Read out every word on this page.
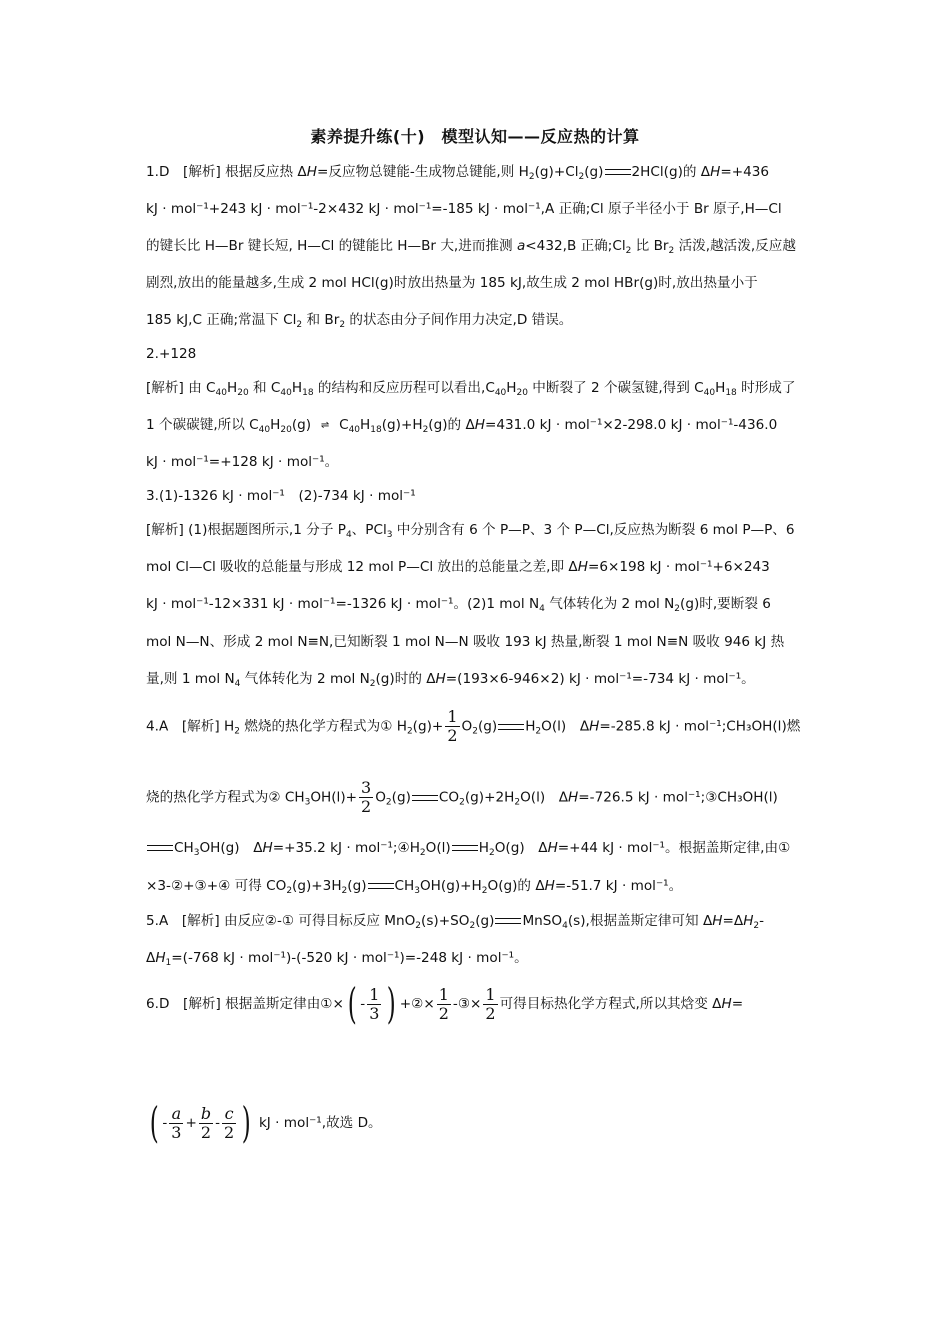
素养提升练(十)　模型认知——反应热的计算
1.D　[解析] 根据反应热 ΔH=反应物总键能-生成物总键能,则 $H_2(g)+Cl_2(g)$ 2HCl(g)的 ΔH=+436
kJ · mol⁻¹+243 kJ · mol⁻¹-2×432 kJ · mol⁻¹=-185 kJ · mol⁻¹,A 正确;Cl 原子半径小于 Br 原子,H—Cl
的键长比 H—Br 键长短, H—Cl 的键能比 H—Br 大,进而推测 a<432,B 正确$;Cl_2$ 比 $Br_2$ 活泼,越活泼,反应越
剧烈,放出的能量越多,生成 2 mol HCl(g)时放出热量为 185 kJ,故生成 2 mol HBr(g)时,放出热量小于
185 kJ,C 正确;常温下 $Cl_2$ 和 $Br_2$ 的状态由分子间作用力决定,D 错误。
2.+128
[解析] 由 $C_{40}H_{20}$ 和 $C_{40}H_{18}$ 的结构和反应历程可以看出$,C_{40}H_{20}$ 中断裂了 2 个碳氢键,得到 $C_{40}H_{18}$ 时形成了
1 个碳碳键,所以 $C_{40}H_{20}(g)$ ⇌ $C_{40}H_{18}(g)+H_2(g)$的 ΔH=431.0 kJ · mol⁻¹×2-298.0 kJ · mol⁻¹-436.0
kJ · mol⁻¹=+128 kJ · mol⁻¹。
3.(1)-1326 kJ · mol⁻¹　(2)-734 kJ · mol⁻¹
[解析] (1)根据题图所示,1 分子 $P_4$、PCl$_3$ 中分别含有 6 个 P—P、3 个 P—Cl,反应热为断裂 6 mol P—P、6
mol Cl—Cl 吸收的总能量与形成 12 mol P—Cl 放出的总能量之差,即 ΔH=6×198 kJ · mol⁻¹+6×243
kJ · mol⁻¹-12×331 kJ · mol⁻¹=-1326 kJ · mol⁻¹。(2)1 mol $N_4$ 气体转化为 2 mol $N_2(g)$时,要断裂 6
mol N—N、形成 2 mol N≡N,已知断裂 1 mol N—N 吸收 193 kJ 热量,断裂 1 mol N≡N 吸收 946 kJ 热
量,则 1 mol $N_4$ 气体转化为 2 mol $N_2(g)$时的 ΔH=(193×6-946×2) kJ · mol⁻¹=-734 kJ · mol⁻¹。
4.A　[解析] $H_2$ 燃烧的热化学方程式为① $H_2(g)+ \frac{1}{2} O_2(g)$ $H_2O(l)$　ΔH=-285.8 kJ · mol⁻¹;CH₃OH(l)燃
烧的热化学方程式为② $CH_3OH(l)+ \frac{3}{2} O_2(g)$ $CO_2(g)+2H_2O(l)$　ΔH=-726.5 kJ · mol⁻¹;③CH₃OH(l)
$CH_3OH(g)$　ΔH=+35.2 kJ · $mol^{-1};④H_2O(l)$ $H_2O(g)$　ΔH=+44 kJ · mol⁻¹。根据盖斯定律,由①
×3-②+③+④ 可得 $CO_2(g)+3H_2(g)$ $CH_3OH(g)+H_2O(g)$的 ΔH=-51.7 kJ · mol⁻¹。
5.A　[解析] 由反应②-① 可得目标反应 $MnO_2(s)+SO_2(g)$ MnSO$_4$(s),根据盖斯定律可知 $\Delta H=\Delta H_2-$
$\Delta H_1=(-768$ kJ · mol⁻¹)-(-520 kJ · mol⁻¹)=-248 kJ · mol⁻¹。
6.D　[解析] 根据盖斯定律由①×( - $\frac{1}{3}$ ) +②× $\frac{1}{2}$ -③× $\frac{1}{2}$ 可得目标热化学方程式,所以其焓变 ΔH=
( - $\frac{a}{3} + \frac{b}{2} - \frac{c}{2}$ ) kJ · mol⁻¹,故选 D。
